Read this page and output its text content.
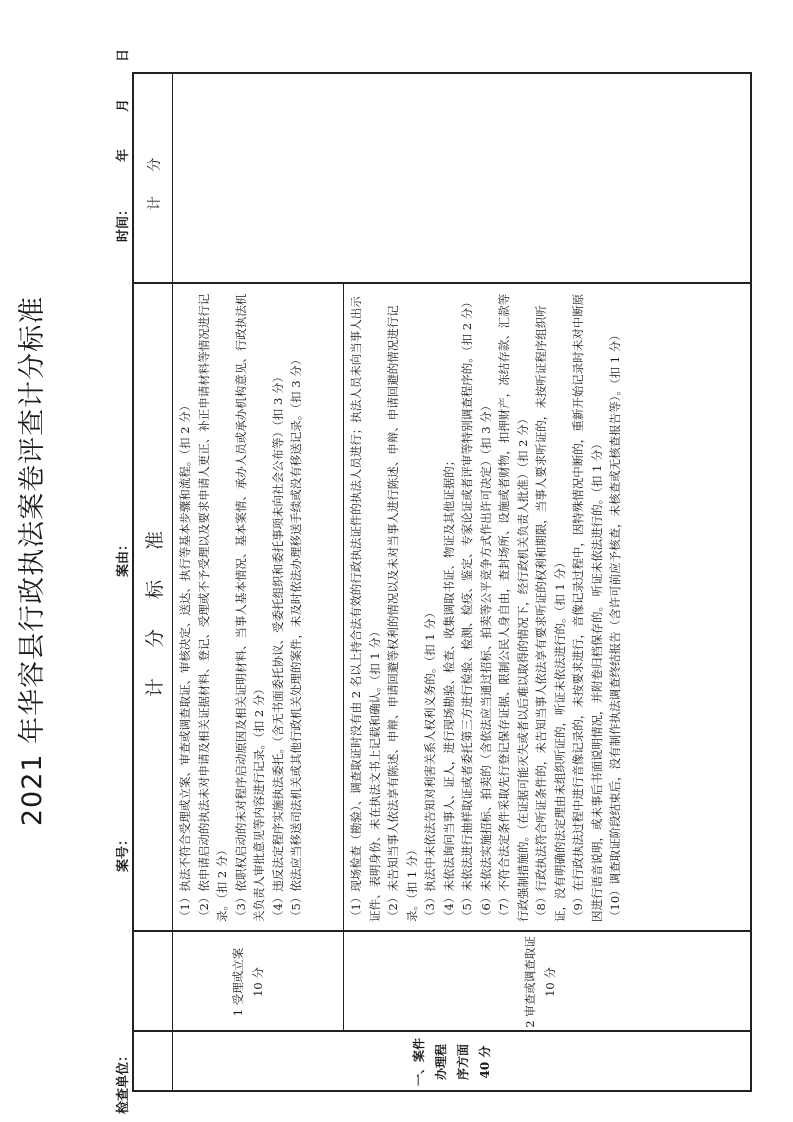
2021 年华容县行政执法案卷评查计分标准
检查单位：
案号：
案由：
时间：
年
月
日
计 分 标 准
计 分
一、案件 办理程 序方面 40 分
1 受理或立案 10 分
（1）执法不符合受理或立案、审查或调查取证、审核决定、送达、执行等基本步骤和流程。（扣 2 分） （2）依申请启动的执法未对申请及相关证据材料、登记、受理或不予受理以及要求申请人更正、补正申请材料等情况进行记录。（扣 2 分） （3）依职权启动的未对程序启动原因及相关证明材料、当事人基本情况、基本案情、承办人员或承办机构意见、行政执法机关负责人审批意见等内容进行记录。（扣 2 分） （4）违反法定程序实施执法委托。（含无书面委托协议、受委托组织和委托事项未向社会公布等）（扣 3 分） （5）依法应当移送司法机关或其他行政机关处理的案件，未及时依法办理移送手续或没有移送记录。（扣 3 分）
2 审查或调查取证 10 分
（1）现场检查（勘验）、调查取证时没有由 2 名以上持合法有效的行政执法证件的执法人员进行；执法人员未向当事人出示证件、表明身份、未在执法文书上记载和确认。（扣 1 分） （2）未告知当事人依法享有陈述、申辩、申请回避等权利的情况以及未对当事人进行陈述、申辩、申请回避的情况进行记录。（扣 1 分） （3）执法中未依法告知对利害关系人权利义务的。（扣 1 分） （4）未依法询问当事人、证人，进行现场勘验、检查、收集调取书证、物证及其他证据的； （5）未依法进行抽样取证或者委托第三方进行检验、检测、检疫、鉴定、专家论证或者评审等特别调查程序的。（扣 2 分） （6）未依法实施招标、拍卖的（含依法应当通过招标、拍卖等公平竞争方式作出许可决定）（扣 3 分） （7）不符合法定条件采取先行登记保存证据、限制公民人身自由，查封场所、设施或者财物，扣押财产，冻结存款、汇款等行政强制措施的。（在证据可能灭失或者以后难以取得的情况下，经行政机关负责人批准）（扣 2 分） （8）行政执法符合听证条件的，未告知当事人依法享有要求听证的权利和期限，当事人要求听证的，未按听证程序组织听证，没有明确的法定理由未组织听证的，听证未依法进行的。（扣 1 分） （9）在行政执法过程中进行音像记录的，未按要求进行，音像记录过程中，因特殊情况中断的，重新开始记录时未对中断原因进行语音说明，或未事后书面说明情况，并附卷归档保存的。 听证未依法进行的。（扣 1 分） （10）调查取证阶段结束后，没有制作执法调查终结报告（含许可前应予核查，未核查或无核查报告等）。（扣 1 分）
